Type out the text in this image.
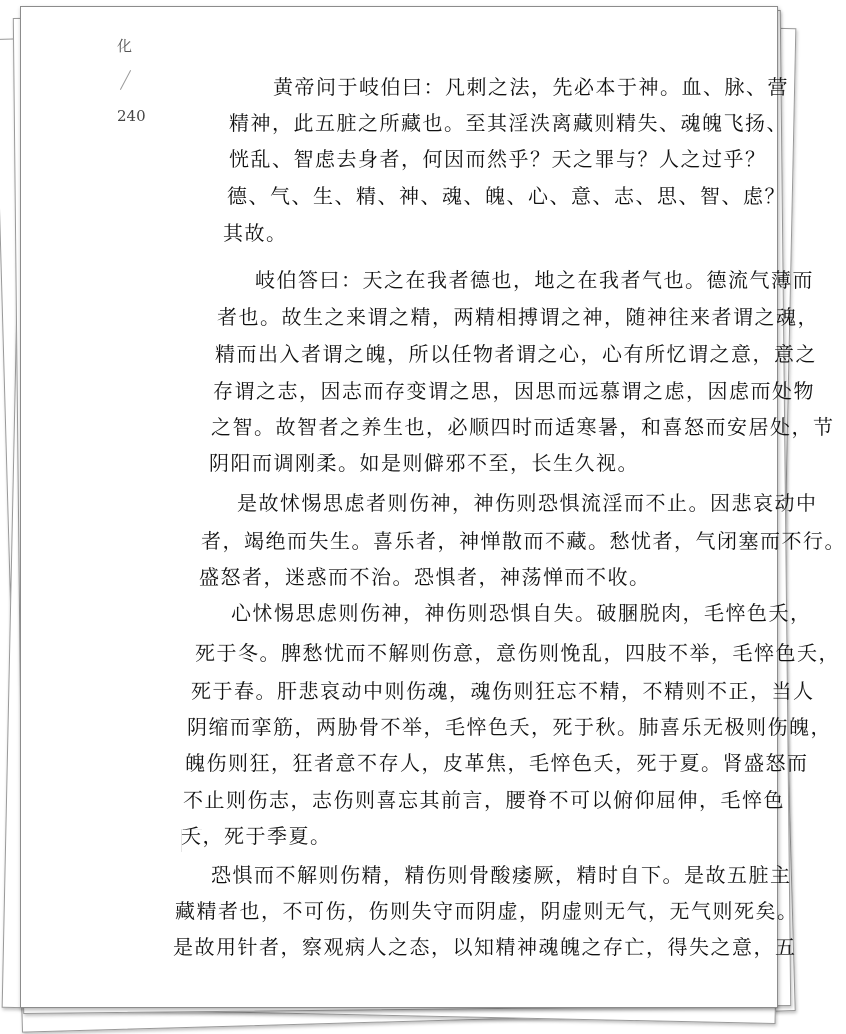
化
240
黄帝问于岐伯曰：凡刺之法，先必本于神。血、脉、营
精神，此五脏之所藏也。至其淫泆离藏则精失、魂魄飞扬、
恍乱、智虑去身者，何因而然乎？天之罪与？人之过乎？
德、气、生、精、神、魂、魄、心、意、志、思、智、虑？
其故。
岐伯答曰：天之在我者德也，地之在我者气也。德流气薄而
者也。故生之来谓之精，两精相搏谓之神，随神往来者谓之魂，
精而出入者谓之魄，所以任物者谓之心，心有所忆谓之意，意之
存谓之志，因志而存变谓之思，因思而远慕谓之虑，因虑而处物
之智。故智者之养生也，必顺四时而适寒暑，和喜怒而安居处，节
阴阳而调刚柔。如是则僻邪不至，长生久视。
是故怵惕思虑者则伤神，神伤则恐惧流淫而不止。因悲哀动中
者，竭绝而失生。喜乐者，神惮散而不藏。愁忧者，气闭塞而不行。
盛怒者，迷惑而不治。恐惧者，神荡惮而不收。
心怵惕思虑则伤神，神伤则恐惧自失。破䐃脱肉，毛悴色夭，
死于冬。脾愁忧而不解则伤意，意伤则悗乱，四肢不举，毛悴色夭，
死于春。肝悲哀动中则伤魂，魂伤则狂忘不精，不精则不正，当人
阴缩而挛筋，两胁骨不举，毛悴色夭，死于秋。肺喜乐无极则伤魄，
魄伤则狂，狂者意不存人，皮革焦，毛悴色夭，死于夏。肾盛怒而
不止则伤志，志伤则喜忘其前言，腰脊不可以俯仰屈伸，毛悴色
夭，死于季夏。
恐惧而不解则伤精，精伤则骨酸痿厥，精时自下。是故五脏主
藏精者也，不可伤，伤则失守而阴虚，阴虚则无气，无气则死矣。
是故用针者，察观病人之态，以知精神魂魄之存亡，得失之意，五
